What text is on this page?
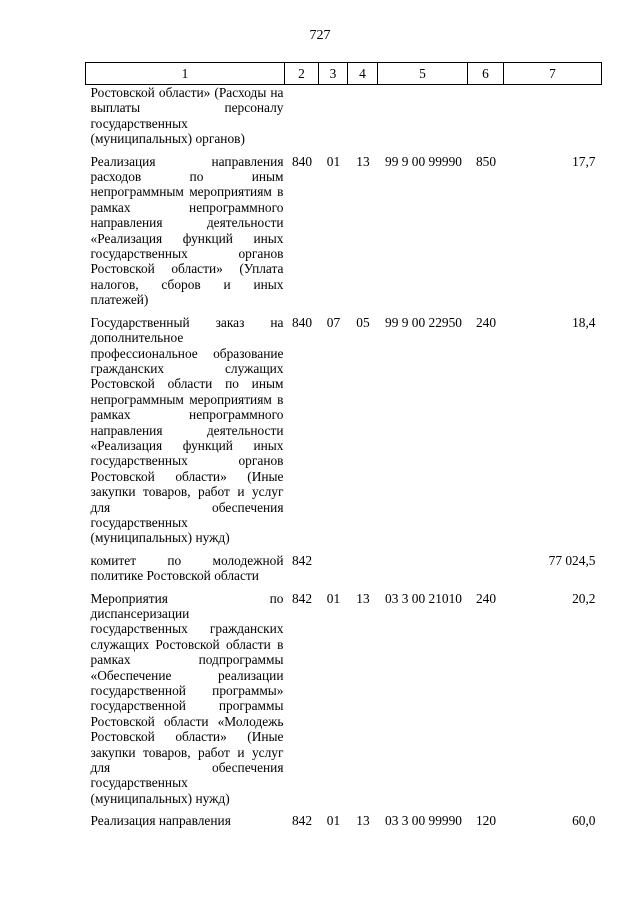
727
1	2	3	4	5	6	7
Ростовской области» (Расходы на выплаты персоналу государственных (муниципальных) органов)						

Реализация направления расходов по иным непрограммным мероприятиям в рамках непрограммного направления деятельности «Реализация функций иных государственных органов Ростовской области» (Уплата налогов, сборов и иных платежей)	840	01	13	99 9 00 99990	850	17,7

Государственный заказ на дополнительное профессиональное образование гражданских служащих Ростовской области по иным непрограммным мероприятиям в рамках непрограммного направления деятельности «Реализация функций иных государственных органов Ростовской области» (Иные закупки товаров, работ и услуг для обеспечения государственных (муниципальных) нужд)	840	07	05	99 9 00 22950	240	18,4

комитет по молодежной политике Ростовской области	842					77 024,5

Мероприятия по диспансеризации государственных гражданских служащих Ростовской области в рамках подпрограммы «Обеспечение реализации государственной программы» государственной программы Ростовской области «Молодежь Ростовской области» (Иные закупки товаров, работ и услуг для обеспечения государственных (муниципальных) нужд)	842	01	13	03 3 00 21010	240	20,2

Реализация направления	842	01	13	03 3 00 99990	120	60,0
